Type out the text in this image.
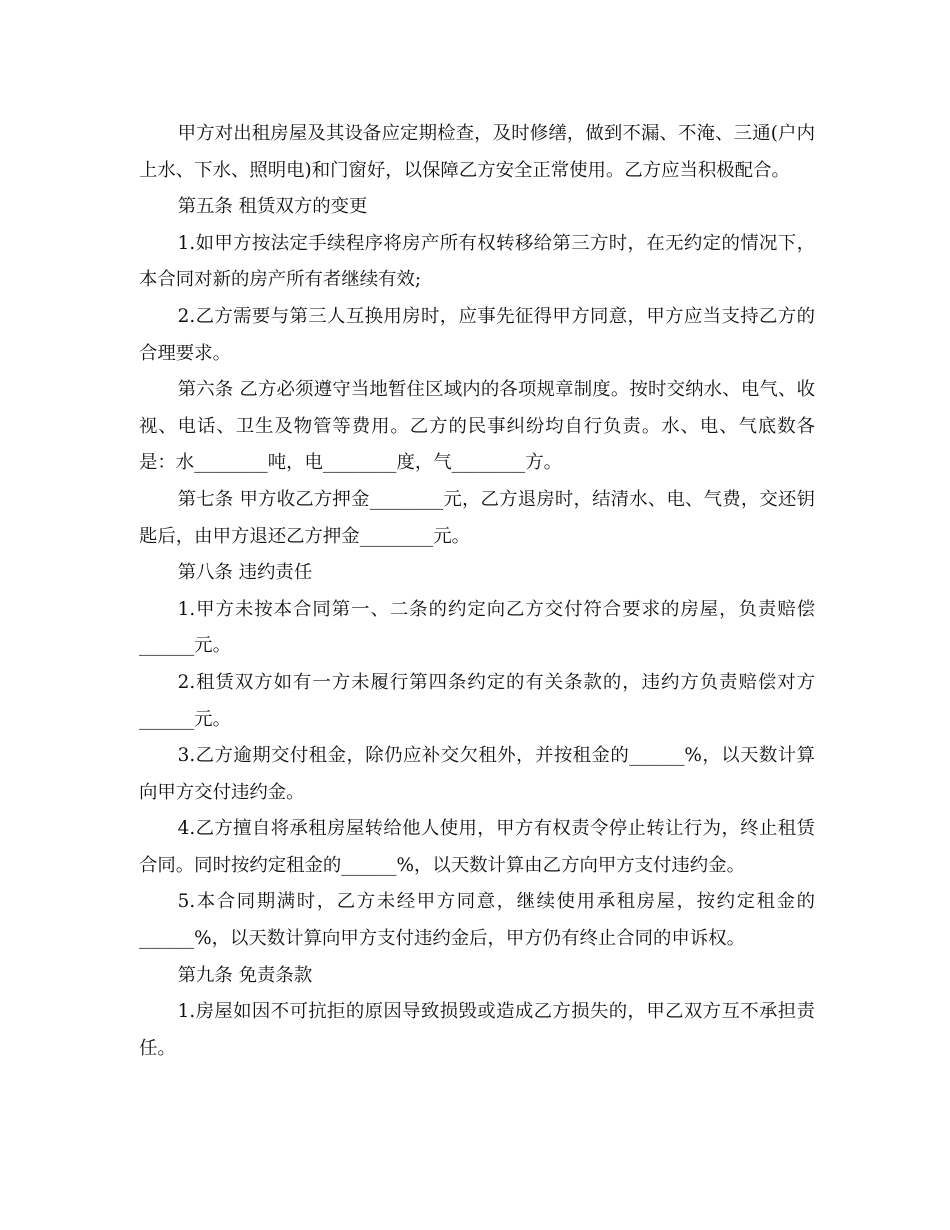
甲方对出租房屋及其设备应定期检查，及时修缮，做到不漏、不淹、三通(户内上水、下水、照明电)和门窗好，以保障乙方安全正常使用。乙方应当积极配合。

第五条 租赁双方的变更

1.如甲方按法定手续程序将房产所有权转移给第三方时，在无约定的情况下，本合同对新的房产所有者继续有效;

2.乙方需要与第三人互换用房时，应事先征得甲方同意，甲方应当支持乙方的合理要求。

第六条 乙方必须遵守当地暂住区域内的各项规章制度。按时交纳水、电气、收视、电话、卫生及物管等费用。乙方的民事纠纷均自行负责。水、电、气底数各是：水________吨，电________度，气________方。

第七条 甲方收乙方押金________元，乙方退房时，结清水、电、气费，交还钥匙后，由甲方退还乙方押金________元。

第八条 违约责任

1.甲方未按本合同第一、二条的约定向乙方交付符合要求的房屋，负责赔偿______元。

2.租赁双方如有一方未履行第四条约定的有关条款的，违约方负责赔偿对方______元。

3.乙方逾期交付租金，除仍应补交欠租外，并按租金的______%，以天数计算向甲方交付违约金。

4.乙方擅自将承租房屋转给他人使用，甲方有权责令停止转让行为，终止租赁合同。同时按约定租金的______%，以天数计算由乙方向甲方支付违约金。

5.本合同期满时，乙方未经甲方同意，继续使用承租房屋，按约定租金的______%，以天数计算向甲方支付违约金后，甲方仍有终止合同的申诉权。

第九条 免责条款

1.房屋如因不可抗拒的原因导致损毁或造成乙方损失的，甲乙双方互不承担责任。
